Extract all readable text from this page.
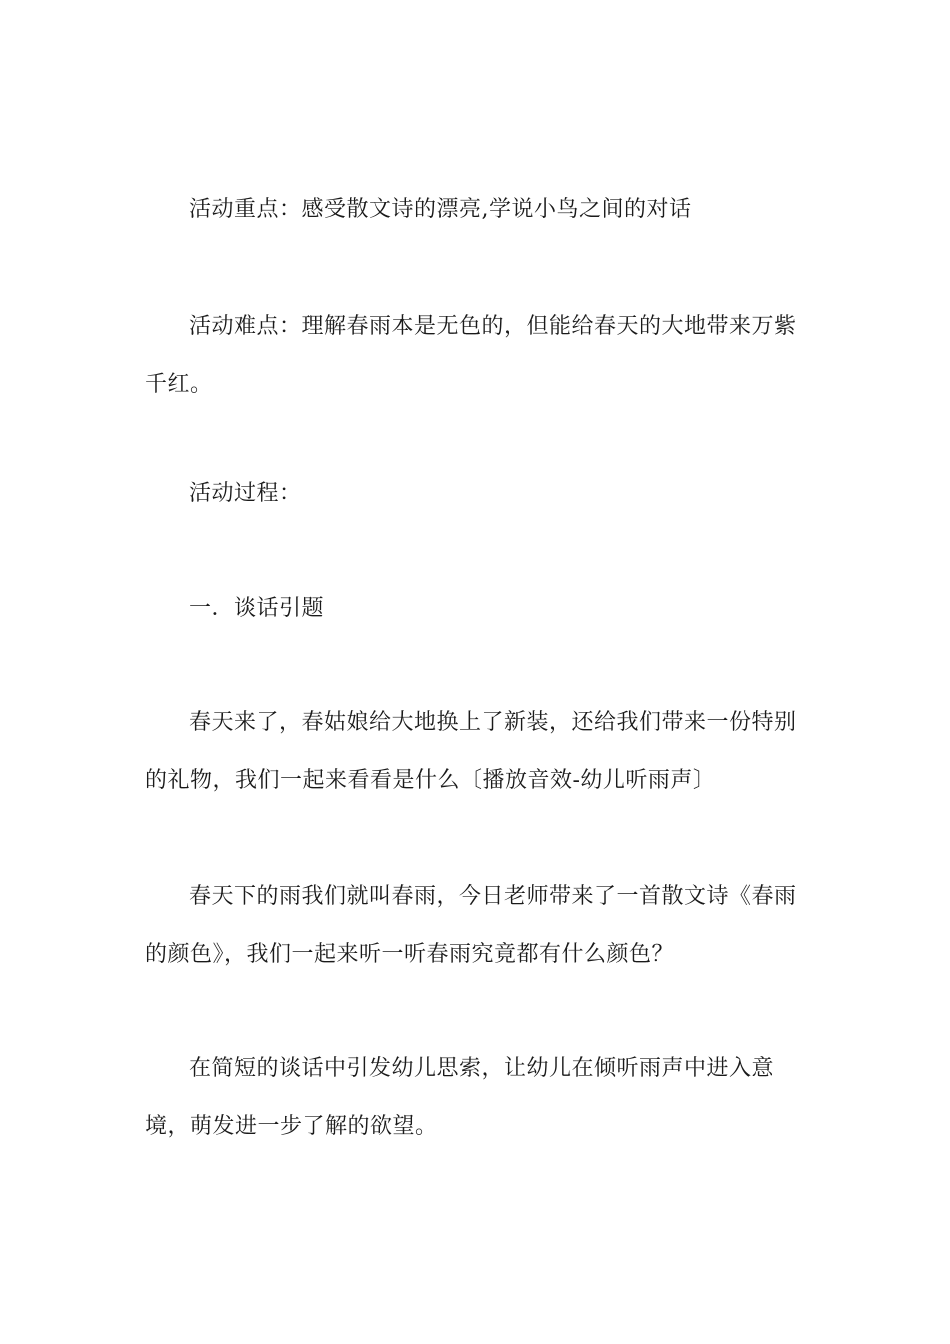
活动重点：感受散文诗的漂亮,学说小鸟之间的对话

活动难点：理解春雨本是无色的，但能给春天的大地带来万紫千红。

活动过程：

一．谈话引题

春天来了，春姑娘给大地换上了新装，还给我们带来一份特别的礼物，我们一起来看看是什么〔播放音效-幼儿听雨声〕

春天下的雨我们就叫春雨，今日老师带来了一首散文诗《春雨的颜色》，我们一起来听一听春雨究竟都有什么颜色？

在简短的谈话中引发幼儿思索，让幼儿在倾听雨声中进入意境，萌发进一步了解的欲望。
